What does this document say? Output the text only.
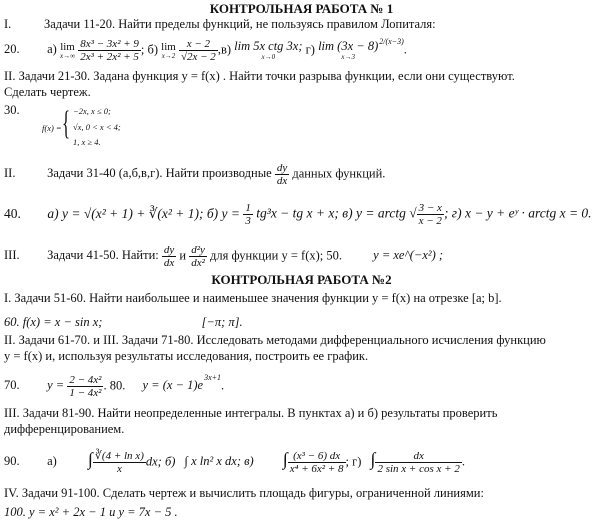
КОНТРОЛЬНАЯ РАБОТА № 1
I.	Задачи 11-20. Найти пределы функций, не пользуясь правилом Лопиталя:
20. а) lim
x→∞
$\frac{\text{8x³ − 3x² + 9}}{\text{2x³ + 2x² + 5}}$ ; б) lim
x→2
$\frac{x - 2}{√2x - 2} ,в$) lim 5x ctg 3x;
x→0
г) lim (3x − 8)
x→3
2/(x−3).
II. Задачи 21-30. Задана функция y = f(x) . Найти точки разрыва функции, если они существуют.
Сделать чертеж.
30.
f(x) = { −2x, x ≤ 0;
√x, 0 < x < 4;
1, x ≥ 4.
II.	Задачи 31-40 (а,б,в,г). Найти производные $\frac{dy}{dx}$ данных функций.
40. а) y = √(x² + 1) + ∛(x² + 1); б) $y = \frac{1}{3} tg^3x$ − tg x + x; в) y = arctg √ $\frac{3 - x}{x - 2}$ ; г) x − y + eʸ · arctg x = 0.
III. Задачи 41-50. Найти: $\frac{dy}{dx}$ и $\frac{\text{d²y}}{\text{dx²}}$ для функции y = f(x); 50. y = xe^(−x²) ;
КОНТРОЛЬНАЯ РАБОТА №2
I. Задачи 51-60. Найти наибольшее и наименьшее значения функции y = f(x) на отрезке [a; b].
60. f(x) = x − sin x;	[−π; π].
II. Задачи 61-70. и III. Задачи 71-80. Исследовать методами дифференциального исчисления функцию
y = f(x) и, используя результаты исследования, построить ее график.
70. $y = \frac{\text{2 − 4x²}}{\text{1 − 4x²}}$ . 80. y = (x − 1)e3x+1.
III. Задачи 81-90. Найти неопределенные интегралы. В пунктах а) и б) результаты проверить
дифференцированием.
90. а) ∫ $\frac{\text{∛(4 + ln x)}}{x}$ dx; б) ∫ x ln² x dx; в) ∫ $\frac{\text{(x³ − 6) dx}}{\text{x⁴ + 6x² + 8}}$ ; г) ∫ $\frac{dx}{\text{2 sin x + cos x + 2}}$ .
IV. Задачи 91-100. Сделать чертеж и вычислить площадь фигуры, ограниченной линиями:
100. y = x² + 2x − 1 и y = 7x − 5 .
